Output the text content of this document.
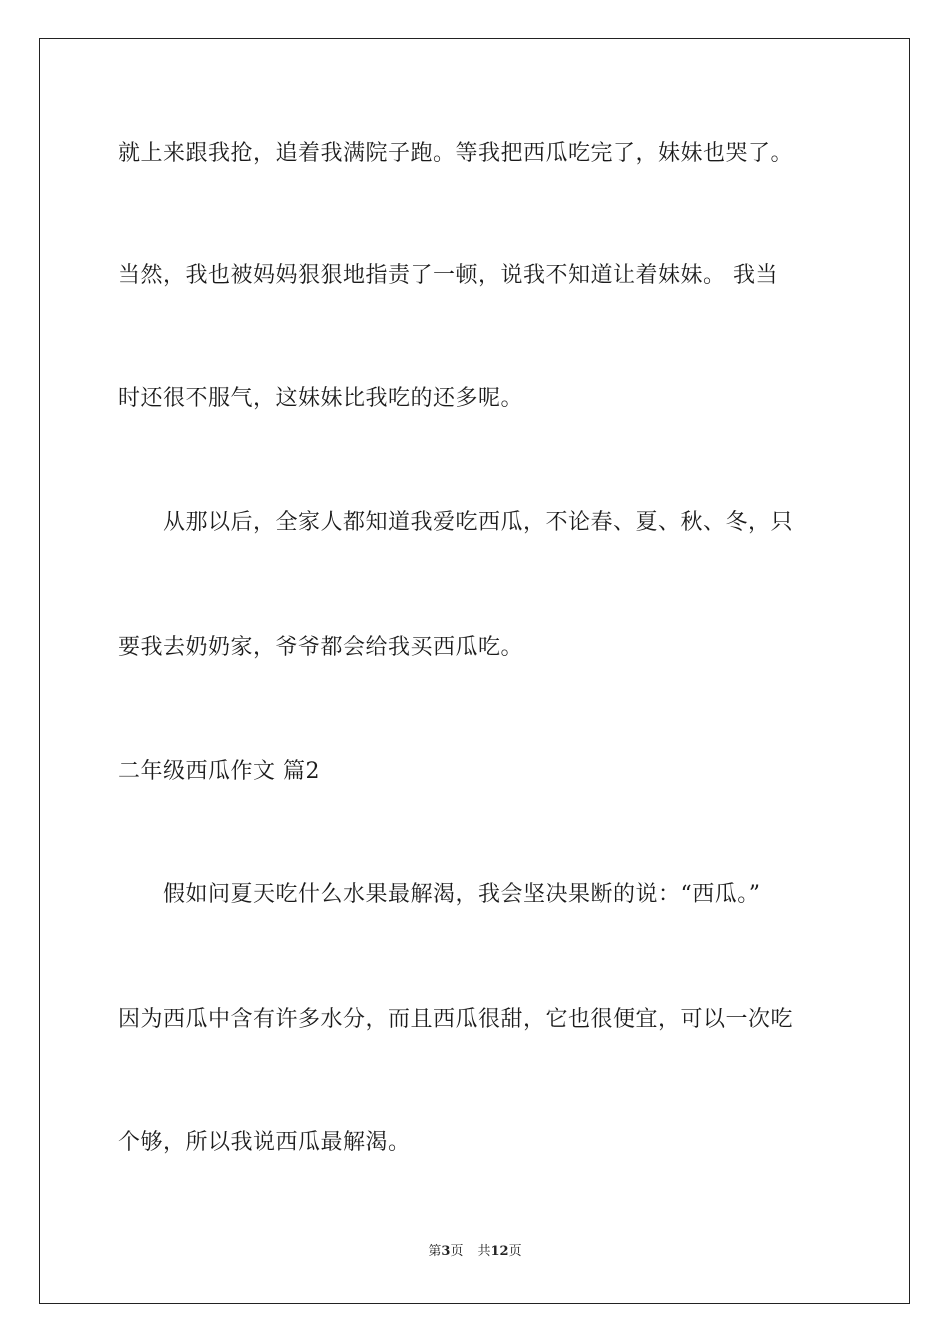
就上来跟我抢，追着我满院子跑。等我把西瓜吃完了，妹妹也哭了。
当然，我也被妈妈狠狠地指责了一顿，说我不知道让着妹妹。 我当
时还很不服气，这妹妹比我吃的还多呢。
从那以后，全家人都知道我爱吃西瓜，不论春、夏、秋、冬，只
要我去奶奶家，爷爷都会给我买西瓜吃。
二年级西瓜作文 篇2
假如问夏天吃什么水果最解渴，我会坚决果断的说：“西瓜。”
因为西瓜中含有许多水分，而且西瓜很甜，它也很便宜，可以一次吃
个够，所以我说西瓜最解渴。
第3页 共12页
